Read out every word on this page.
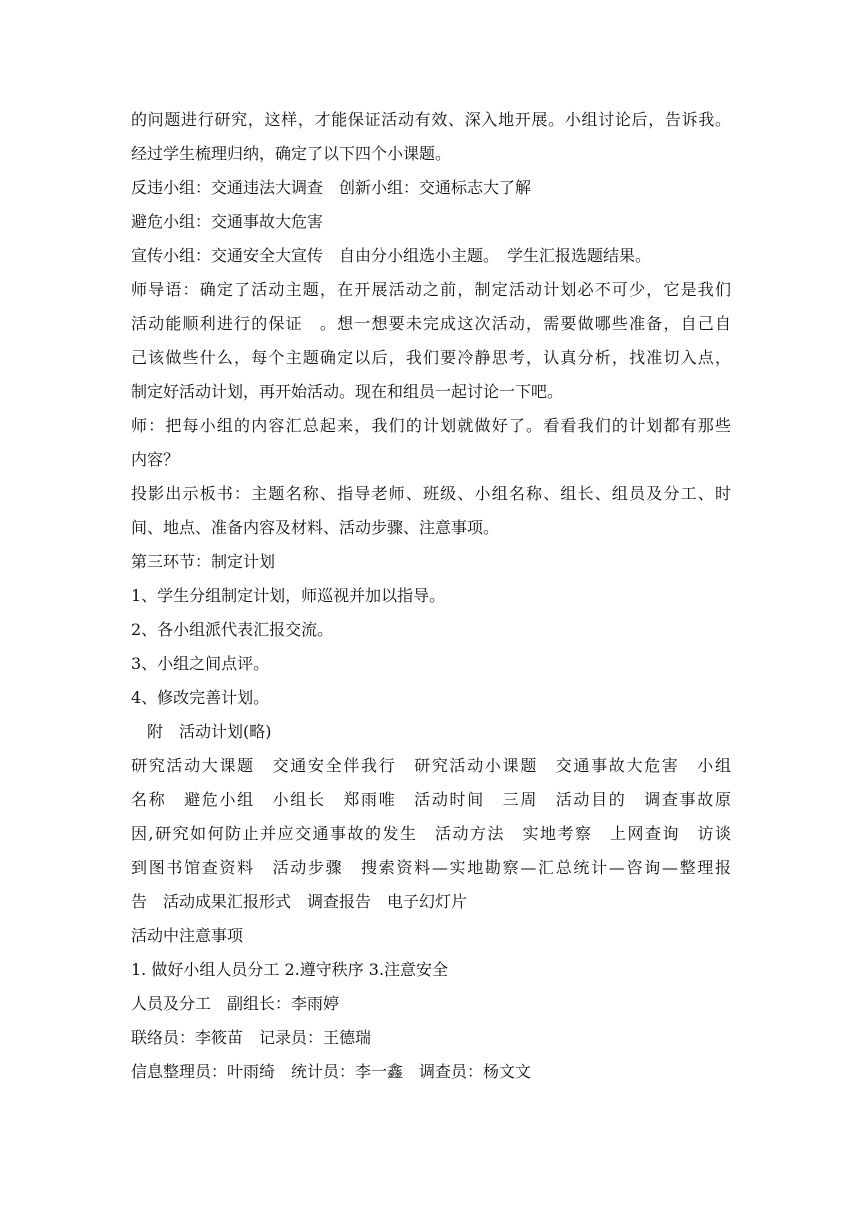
的问题进行研究，这样，才能保证活动有效、深入地开展。小组讨论后，告诉我。
经过学生梳理归纳，确定了以下四个小课题。
反违小组：交通违法大调查　创新小组：交通标志大了解
避危小组：交通事故大危害
宣传小组：交通安全大宣传　自由分小组选小主题。　学生汇报选题结果。
师导语：确定了活动主题，在开展活动之前，制定活动计划必不可少，它是我们
活动能顺利进行的保证　。想一想要未完成这次活动，需要做哪些准备，自己自
己该做些什么，每个主题确定以后，我们要冷静思考，认真分析，找准切入点，
制定好活动计划，再开始活动。现在和组员一起讨论一下吧。
师：把每小组的内容汇总起来，我们的计划就做好了。看看我们的计划都有那些
内容？
投影出示板书：主题名称、指导老师、班级、小组名称、组长、组员及分工、时
间、地点、准备内容及材料、活动步骤、注意事项。
第三环节：制定计划
1、学生分组制定计划，师巡视并加以指导。
2、各小组派代表汇报交流。
3、小组之间点评。
4、修改完善计划。
　附　活动计划(略)
研究活动大课题　交通安全伴我行　研究活动小课题　交通事故大危害　小组
名称　避危小组　小组长　郑雨唯　活动时间　三周　活动目的　调查事故原
因,研究如何防止并应交通事故的发生　活动方法　实地考察　上网查询　访谈
到图书馆查资料　活动步骤　搜索资料—实地勘察—汇总统计—咨询—整理报
告　活动成果汇报形式　调查报告　电子幻灯片
活动中注意事项
1. 做好小组人员分工 2.遵守秩序 3.注意安全
人员及分工　副组长：李雨婷
联络员：李筱苗　记录员：王德瑞
信息整理员：叶雨绮　统计员：李一鑫　调查员：杨文文
